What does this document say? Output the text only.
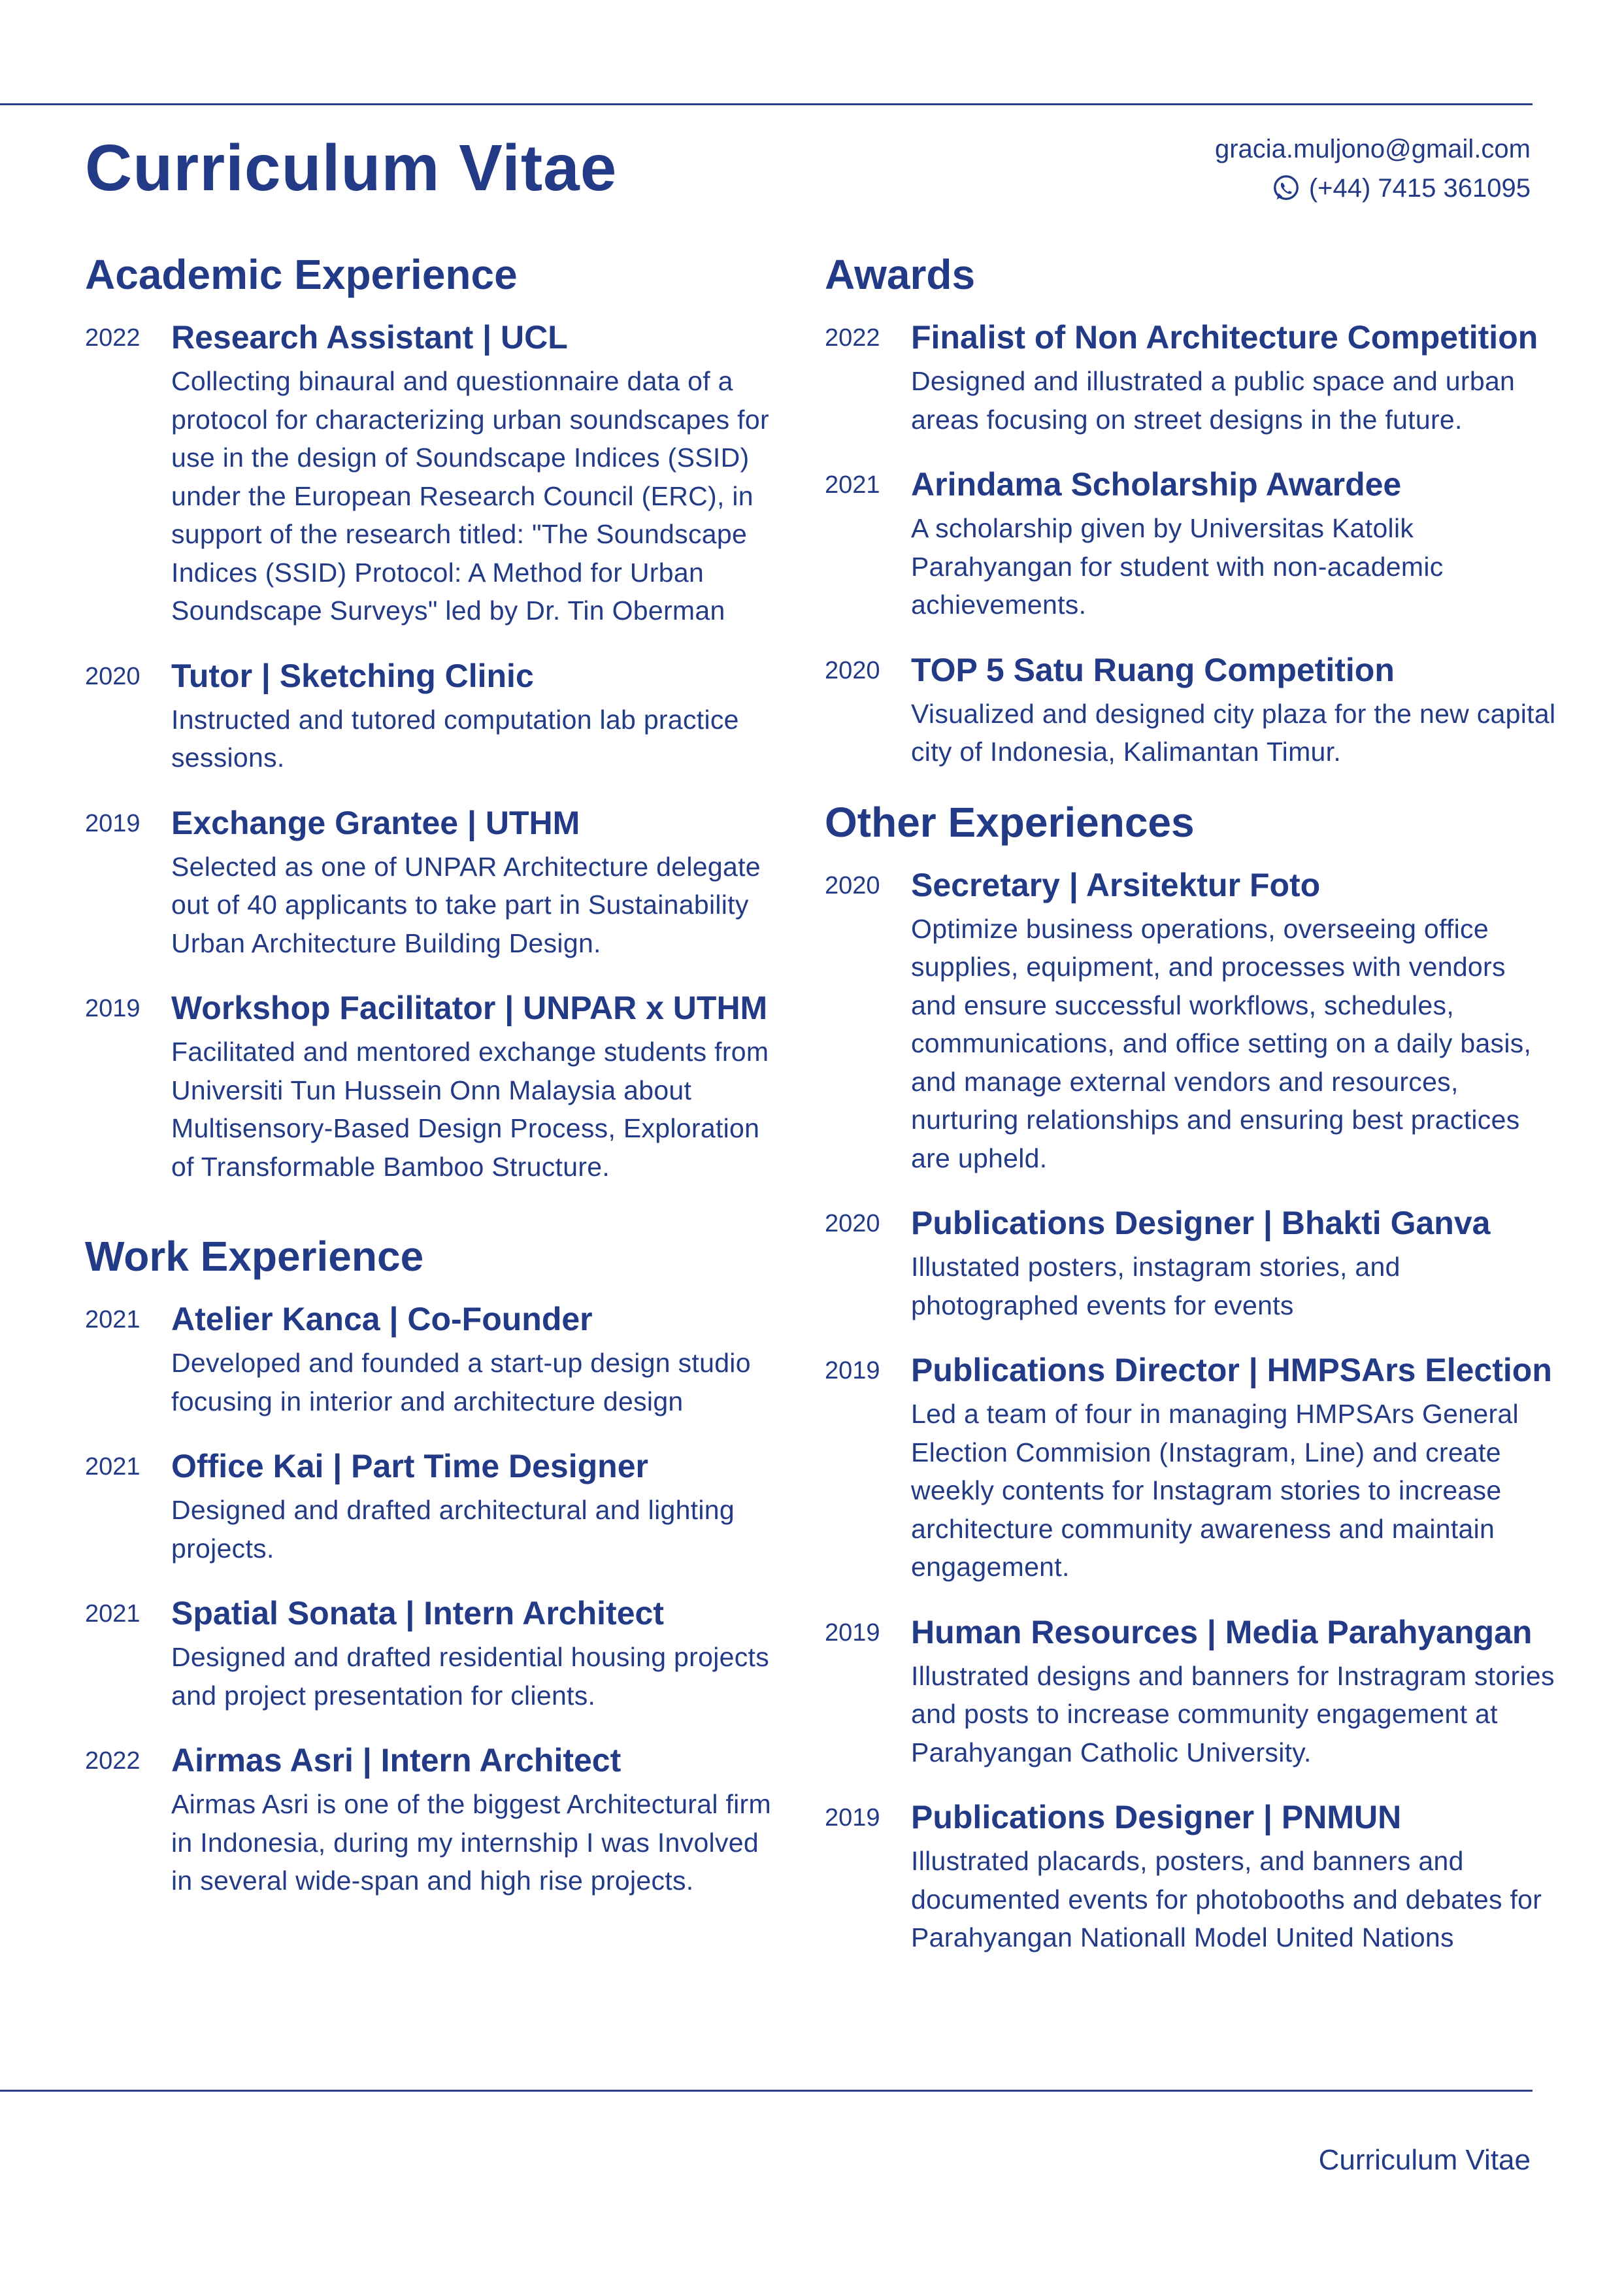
Curriculum Vitae	gracia.muljono@gmail.com
(+44) 7415 361095
Academic Experience
2022 Research Assistant | UCL
Collecting binaural and questionnaire data of a protocol for characterizing urban soundscapes for use in the design of Soundscape Indices (SSID) under the European Research Council (ERC), in support of the research titled: "The Soundscape Indices (SSID) Protocol: A Method for Urban Soundscape Surveys" led by Dr. Tin Oberman
2020 Tutor | Sketching Clinic
Instructed and tutored computation lab practice sessions.
2019 Exchange Grantee | UTHM
Selected as one of UNPAR Architecture delegate out of 40 applicants to take part in Sustainability Urban Architecture Building Design.
2019 Workshop Facilitator | UNPAR x UTHM
Facilitated and mentored exchange students from Universiti Tun Hussein Onn Malaysia about Multisensory-Based Design Process, Exploration of Transformable Bamboo Structure.
Work Experience
2021 Atelier Kanca | Co-Founder
Developed and founded a start-up design studio focusing in interior and architecture design
2021 Office Kai | Part Time Designer
Designed and drafted architectural and lighting projects.
2021 Spatial Sonata | Intern Architect
Designed and drafted residential housing projects and project presentation for clients.
2022 Airmas Asri | Intern Architect
Airmas Asri is one of the biggest Architectural firm in Indonesia, during my internship I was Involved in several wide-span and high rise projects.
Awards
2022 Finalist of Non Architecture Competition
Designed and illustrated a public space and urban areas focusing on street designs in the future.
2021 Arindama Scholarship Awardee
A scholarship given by Universitas Katolik Parahyangan for student with non-academic achievements.
2020 TOP 5 Satu Ruang Competition
Visualized and designed city plaza for the new capital city of Indonesia, Kalimantan Timur.
Other Experiences
2020 Secretary | Arsitektur Foto
Optimize business operations, overseeing office supplies, equipment, and processes with vendors and ensure successful workflows, schedules, communications, and office setting on a daily basis, and manage external vendors and resources, nurturing relationships and ensuring best practices are upheld.
2020 Publications Designer | Bhakti Ganva
Illustated posters, instagram stories, and photographed events for events
2019 Publications Director | HMPSArs Election
Led a team of four in managing HMPSArs General Election Commision (Instagram, Line) and create weekly contents for Instagram stories to increase architecture community awareness and maintain engagement.
2019 Human Resources | Media Parahyangan
Illustrated designs and banners for Instragram stories and posts to increase community engagement at Parahyangan Catholic University.
2019 Publications Designer | PNMUN
Illustrated placards, posters, and banners and documented events for photobooths and debates for Parahyangan Nationall Model United Nations
Curriculum Vitae
